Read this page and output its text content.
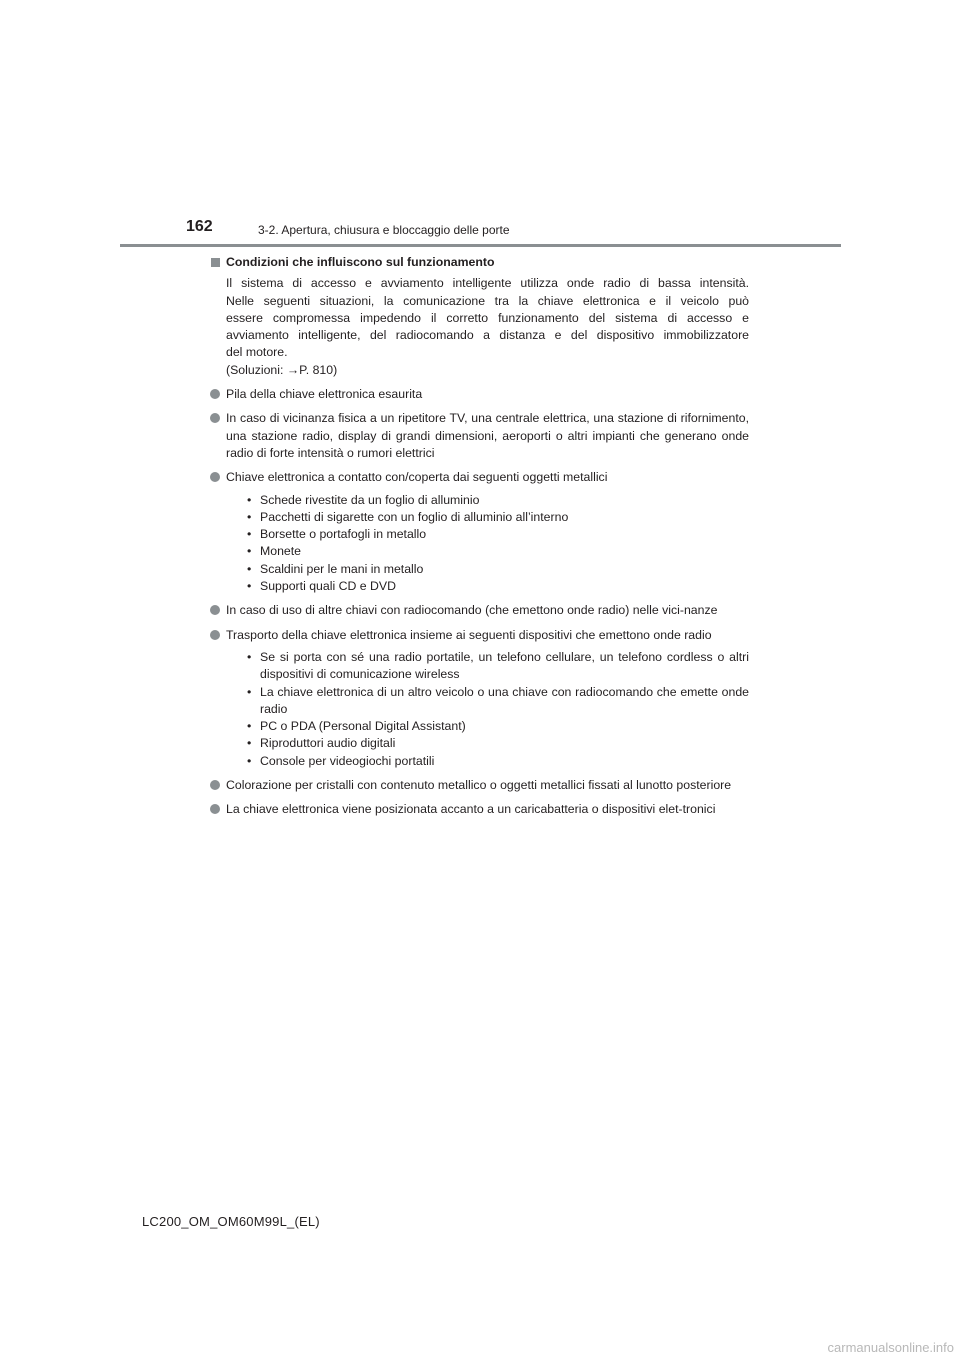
162	3-2. Apertura, chiusura e bloccaggio delle porte

Condizioni che influiscono sul funzionamento

Il sistema di accesso e avviamento intelligente utilizza onde radio di bassa intensità.
Nelle seguenti situazioni, la comunicazione tra la chiave elettronica e il veicolo può
essere compromessa impedendo il corretto funzionamento del sistema di accesso e
avviamento intelligente, del radiocomando a distanza e del dispositivo immobilizzatore
del motore.
(Soluzioni: →P. 810)
Pila della chiave elettronica esaurita
In caso di vicinanza fisica a un ripetitore TV, una centrale elettrica, una stazione di rifornimento, una stazione radio, display di grandi dimensioni, aeroporti o altri impianti che generano onde radio di forte intensità o rumori elettrici
Chiave elettronica a contatto con/coperta dai seguenti oggetti metallici
• Schede rivestite da un foglio di alluminio
• Pacchetti di sigarette con un foglio di alluminio all’interno
• Borsette o portafogli in metallo
• Monete
• Scaldini per le mani in metallo
• Supporti quali CD e DVD
In caso di uso di altre chiavi con radiocomando (che emettono onde radio) nelle vici-nanze
Trasporto della chiave elettronica insieme ai seguenti dispositivi che emettono onde radio
• Se si porta con sé una radio portatile, un telefono cellulare, un telefono cordless o altri dispositivi di comunicazione wireless
• La chiave elettronica di un altro veicolo o una chiave con radiocomando che emette onde radio
• PC o PDA (Personal Digital Assistant)
• Riproduttori audio digitali
• Console per videogiochi portatili
Colorazione per cristalli con contenuto metallico o oggetti metallici fissati al lunotto posteriore
La chiave elettronica viene posizionata accanto a un caricabatteria o dispositivi elet-tronici
LC200_OM_OM60M99L_(EL)
carmanualsonline.info
